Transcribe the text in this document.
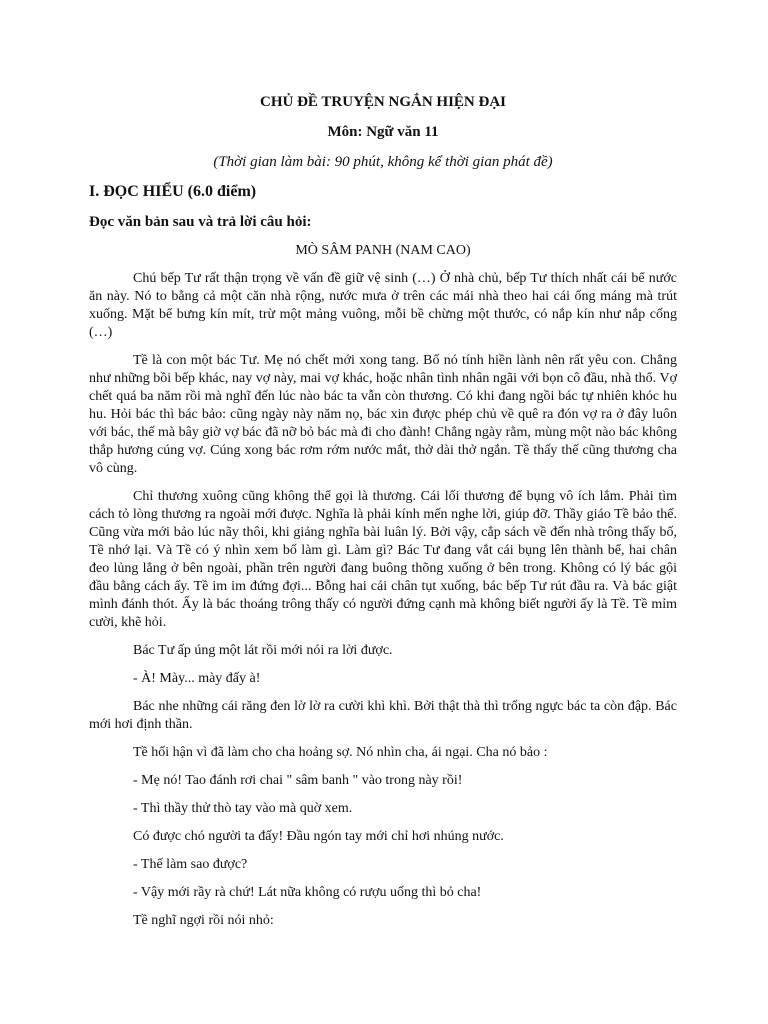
CHỦ ĐỀ TRUYỆN NGẮN HIỆN ĐẠI
Môn: Ngữ văn 11
(Thời gian làm bài: 90 phút, không kể thời gian phát đề)
I. ĐỌC HIỂU (6.0 điểm)
Đọc văn bản sau và trả lời câu hỏi:
MÒ SÂM PANH (NAM CAO)
Chú bếp Tư rất thận trọng về vấn đề giữ vệ sinh (…) Ở nhà chủ, bếp Tư thích nhất cái bể nước ăn này. Nó to bằng cả một căn nhà rộng, nước mưa ở trên các mái nhà theo hai cái ống máng mà trút xuống. Mặt bể bưng kín mít, trừ một mảng vuông, mỗi bề chừng một thước, có nắp kín như nắp cống (…)
Tề là con một bác Tư. Mẹ nó chết mới xong tang. Bố nó tính hiền lành nên rất yêu con. Chẳng như những bồi bếp khác, nay vợ này, mai vợ khác, hoặc nhân tình nhân ngãi với bọn cô đầu, nhà thổ. Vợ chết quá ba năm rồi mà nghĩ đến lúc nào bác ta vẫn còn thương. Có khi đang ngồi bác tự nhiên khóc hu hu. Hỏi bác thì bác bảo: cũng ngày này năm nọ, bác xin được phép chủ về quê ra đón vợ ra ở đây luôn với bác, thế mà bây giờ vợ bác đã nỡ bỏ bác mà đi cho đành! Chẳng ngày rằm, mùng một nào bác không thắp hương cúng vợ. Cúng xong bác rơm rớm nước mắt, thở dài thở ngắn. Tề thấy thế cũng thương cha vô cùng.
Chỉ thương xuông cũng không thể gọi là thương. Cái lối thương để bụng vô ích lắm. Phải tìm cách tỏ lòng thương ra ngoài mới được. Nghĩa là phải kính mến nghe lời, giúp đỡ. Thầy giáo Tề bảo thế. Cũng vừa mới bảo lúc nãy thôi, khi giảng nghĩa bài luân lý. Bởi vậy, cắp sách về đến nhà trông thấy bố, Tề nhớ lại. Và Tề có ý nhìn xem bố làm gì. Làm gì? Bác Tư đang vắt cái bụng lên thành bể, hai chân đeo lủng lẳng ở bên ngoài, phần trên người đang buông thõng xuống ở bên trong. Không có lý bác gội đầu bằng cách ấy. Tề im im đứng đợi... Bỗng hai cái chân tụt xuống, bác bếp Tư rút đầu ra. Và bác giật mình đánh thót. Ấy là bác thoáng trông thấy có người đứng cạnh mà không biết người ấy là Tề. Tề mỉm cười, khẽ hỏi.
Bác Tư ấp úng một lát rồi mới nói ra lời được.
- À! Mày... mày đấy à!
Bác nhe những cái răng đen lờ lờ ra cười khì khì. Bởi thật thà thì trống ngực bác ta còn đập. Bác mới hơi định thần.
Tề hối hận vì đã làm cho cha hoảng sợ. Nó nhìn cha, ái ngại. Cha nó bảo :
- Mẹ nó! Tao đánh rơi chai " sâm banh " vào trong này rồi!
- Thì thầy thử thò tay vào mà quờ xem.
Có được chó người ta đấy! Đầu ngón tay mới chỉ hơi nhúng nước.
- Thế làm sao được?
- Vậy mới rầy rà chứ! Lát nữa không có rượu uống thì bỏ cha!
Tề nghĩ ngợi rồi nói nhỏ:
